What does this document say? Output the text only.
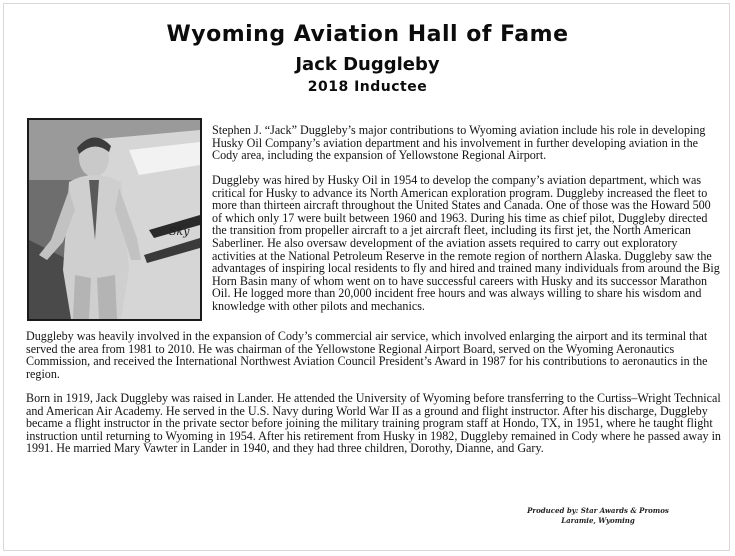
Wyoming Aviation Hall of Fame
Jack Duggleby
2018 Inductee
Sky

Stephen J. “Jack” Duggleby’s major contributions to Wyoming aviation include his role in developing Husky Oil Company’s aviation department and his involvement in further developing aviation in the Cody area, including the expansion of Yellowstone Regional Airport.

Duggleby was hired by Husky Oil in 1954 to develop the company’s aviation department, which was critical for Husky to advance its North American exploration program. Duggleby increased the fleet to more than thirteen aircraft throughout the United States and Canada. One of those was the Howard 500 of which only 17 were built between 1960 and 1963. During his time as chief pilot, Duggleby directed the transition from propeller aircraft to a jet aircraft fleet, including its first jet, the North American Saberliner. He also oversaw development of the aviation assets required to carry out exploratory activities at the National Petroleum Reserve in the remote region of northern Alaska. Duggleby saw the advantages of inspiring local residents to fly and hired and trained many individuals from around the Big Horn Basin many of whom went on to have successful careers with Husky and its successor Marathon Oil. He logged more than 20,000 incident free hours and was always willing to share his wisdom and knowledge with other pilots and mechanics.

Duggleby was heavily involved in the expansion of Cody’s commercial air service, which involved enlarging the airport and its terminal that served the area from 1981 to 2010. He was chairman of the Yellowstone Regional Airport Board, served on the Wyoming Aeronautics Commission, and received the International Northwest Aviation Council President’s Award in 1987 for his contributions to aeronautics in the region.

Born in 1919, Jack Duggleby was raised in Lander. He attended the University of Wyoming before transferring to the Curtiss–Wright Technical and American Air Academy. He served in the U.S. Navy during World War II as a ground and flight instructor. After his discharge, Duggleby became a flight instructor in the private sector before joining the military training program staff at Hondo, TX, in 1951, where he taught flight instruction until returning to Wyoming in 1954. After his retirement from Husky in 1982, Duggleby remained in Cody where he passed away in 1991. He married Mary Vawter in Lander in 1940, and they had three children, Dorothy, Dianne, and Gary.

Produced by: Star Awards & Promos
Laramie, Wyoming
